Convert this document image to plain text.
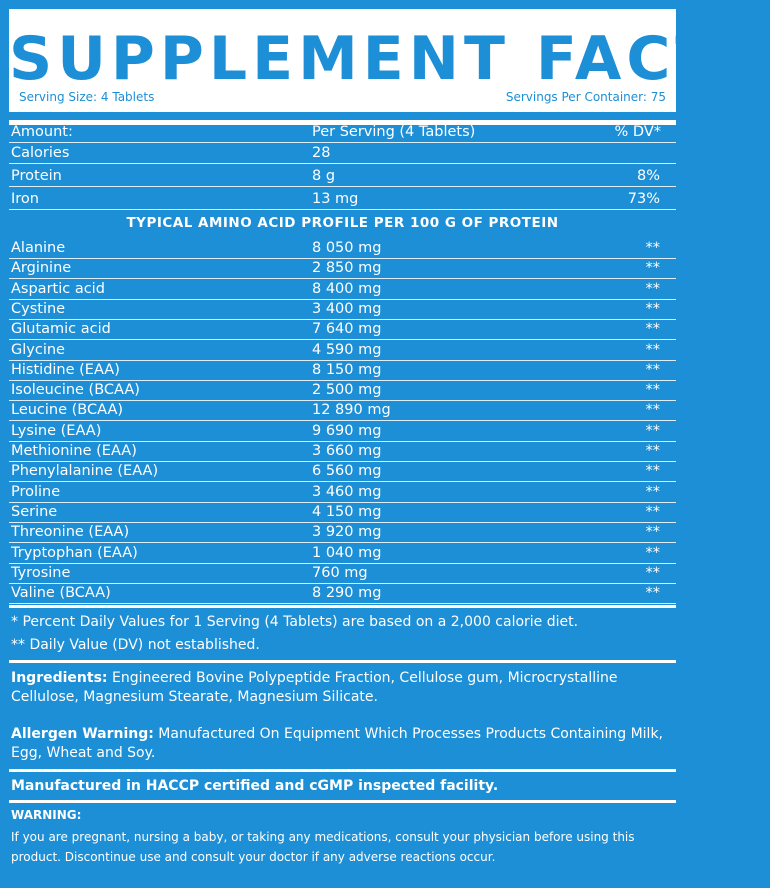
SUPPLEMENT FACTS
Serving Size: 4 Tablets	Servings Per Container: 75
Amount:	Per Serving (4 Tablets)	% DV*
Calories	28
Protein	8 g	8%
Iron	13 mg	73%
TYPICAL AMINO ACID PROFILE PER 100 G OF PROTEIN
Alanine	8 050 mg	**
Arginine	2 850 mg	**
Aspartic acid	8 400 mg	**
Cystine	3 400 mg	**
Glutamic acid	7 640 mg	**
Glycine	4 590 mg	**
Histidine (EAA)	8 150 mg	**
Isoleucine (BCAA)	2 500 mg	**
Leucine (BCAA)	12 890 mg	**
Lysine (EAA)	9 690 mg	**
Methionine (EAA)	3 660 mg	**
Phenylalanine (EAA)	6 560 mg	**
Proline	3 460 mg	**
Serine	4 150 mg	**
Threonine (EAA)	3 920 mg	**
Tryptophan (EAA)	1 040 mg	**
Tyrosine	760 mg	**
Valine (BCAA)	8 290 mg	**
* Percent Daily Values for 1 Serving (4 Tablets) are based on a 2,000 calorie diet.
** Daily Value (DV) not established.
Ingredients: Engineered Bovine Polypeptide Fraction, Cellulose gum, Microcrystalline Cellulose, Magnesium Stearate, Magnesium Silicate.
Allergen Warning: Manufactured On Equipment Which Processes Products Containing Milk, Egg, Wheat and Soy.
Manufactured in HACCP certified and cGMP inspected facility.
WARNING:
If you are pregnant, nursing a baby, or taking any medications, consult your physician before using this product. Discontinue use and consult your doctor if any adverse reactions occur.
